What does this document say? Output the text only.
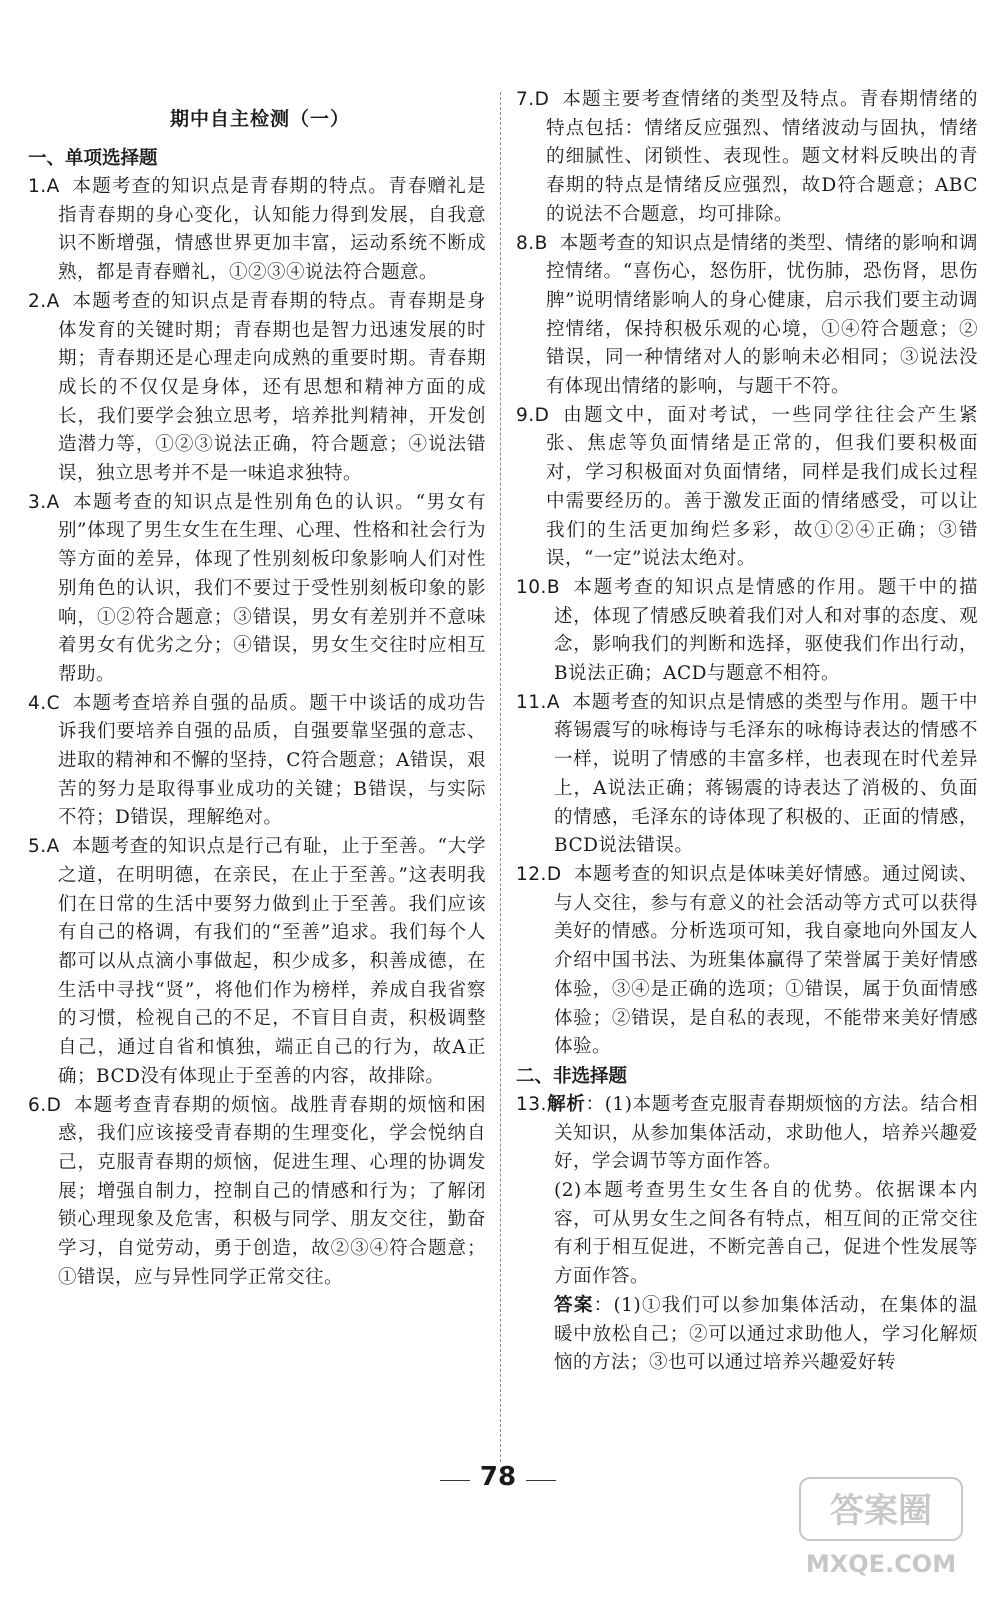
期中自主检测（一）

一、单项选择题

1.A 本题考查的知识点是青春期的特点。青春赠礼是指青春期的身心变化，认知能力得到发展，自我意识不断增强，情感世界更加丰富，运动系统不断成熟，都是青春赠礼，①②③④说法符合题意。

2.A 本题考查的知识点是青春期的特点。青春期是身体发育的关键时期；青春期也是智力迅速发展的时期；青春期还是心理走向成熟的重要时期。青春期成长的不仅仅是身体，还有思想和精神方面的成长，我们要学会独立思考，培养批判精神，开发创造潜力等，①②③说法正确，符合题意；④说法错误，独立思考并不是一味追求独特。

3.A 本题考查的知识点是性别角色的认识。“男女有别”体现了男生女生在生理、心理、性格和社会行为等方面的差异，体现了性别刻板印象影响人们对性别角色的认识，我们不要过于受性别刻板印象的影响，①②符合题意；③错误，男女有差别并不意味着男女有优劣之分；④错误，男女生交往时应相互帮助。

4.C 本题考查培养自强的品质。题干中谈话的成功告诉我们要培养自强的品质，自强要靠坚强的意志、进取的精神和不懈的坚持，C符合题意；A错误，艰苦的努力是取得事业成功的关键；B错误，与实际不符；D错误，理解绝对。

5.A 本题考查的知识点是行己有耻，止于至善。“大学之道，在明明德，在亲民，在止于至善。”这表明我们在日常的生活中要努力做到止于至善。我们应该有自己的格调，有我们的“至善”追求。我们每个人都可以从点滴小事做起，积少成多，积善成德，在生活中寻找“贤”，将他们作为榜样，养成自我省察的习惯，检视自己的不足，不盲目自责，积极调整自己，通过自省和慎独，端正自己的行为，故A正确；BCD没有体现止于至善的内容，故排除。

6.D 本题考查青春期的烦恼。战胜青春期的烦恼和困惑，我们应该接受青春期的生理变化，学会悦纳自己，克服青春期的烦恼，促进生理、心理的协调发展；增强自制力，控制自己的情感和行为；了解闭锁心理现象及危害，积极与同学、朋友交往，勤奋学习，自觉劳动，勇于创造，故②③④符合题意；①错误，应与异性同学正常交往。

7.D 本题主要考查情绪的类型及特点。青春期情绪的特点包括：情绪反应强烈、情绪波动与固执，情绪的细腻性、闭锁性、表现性。题文材料反映出的青春期的特点是情绪反应强烈，故D符合题意；ABC的说法不合题意，均可排除。

8.B 本题考查的知识点是情绪的类型、情绪的影响和调控情绪。“喜伤心，怒伤肝，忧伤肺，恐伤肾，思伤脾”说明情绪影响人的身心健康，启示我们要主动调控情绪，保持积极乐观的心境，①④符合题意；②错误，同一种情绪对人的影响未必相同；③说法没有体现出情绪的影响，与题干不符。

9.D 由题文中，面对考试，一些同学往往会产生紧张、焦虑等负面情绪是正常的，但我们要积极面对，学习积极面对负面情绪，同样是我们成长过程中需要经历的。善于激发正面的情绪感受，可以让我们的生活更加绚烂多彩，故①②④正确；③错误，“一定”说法太绝对。

10.B 本题考查的知识点是情感的作用。题干中的描述，体现了情感反映着我们对人和对事的态度、观念，影响我们的判断和选择，驱使我们作出行动，B说法正确；ACD与题意不相符。

11.A 本题考查的知识点是情感的类型与作用。题干中蒋锡震写的咏梅诗与毛泽东的咏梅诗表达的情感不一样，说明了情感的丰富多样，也表现在时代差异上，A说法正确；蒋锡震的诗表达了消极的、负面的情感，毛泽东的诗体现了积极的、正面的情感，BCD说法错误。

12.D 本题考查的知识点是体味美好情感。通过阅读、与人交往，参与有意义的社会活动等方式可以获得美好的情感。分析选项可知，我自豪地向外国友人介绍中国书法、为班集体赢得了荣誉属于美好情感体验，③④是正确的选项；①错误，属于负面情感体验；②错误，是自私的表现，不能带来美好情感体验。

二、非选择题

13.解析：(1)本题考查克服青春期烦恼的方法。结合相关知识，从参加集体活动，求助他人，培养兴趣爱好，学会调节等方面作答。

(2)本题考查男生女生各自的优势。依据课本内容，可从男女生之间各有特点，相互间的正常交往有利于相互促进，不断完善自己，促进个性发展等方面作答。

答案：(1)①我们可以参加集体活动，在集体的温暖中放松自己；②可以通过求助他人，学习化解烦恼的方法；③也可以通过培养兴趣爱好转

78
答案圈
MXQE.COM
